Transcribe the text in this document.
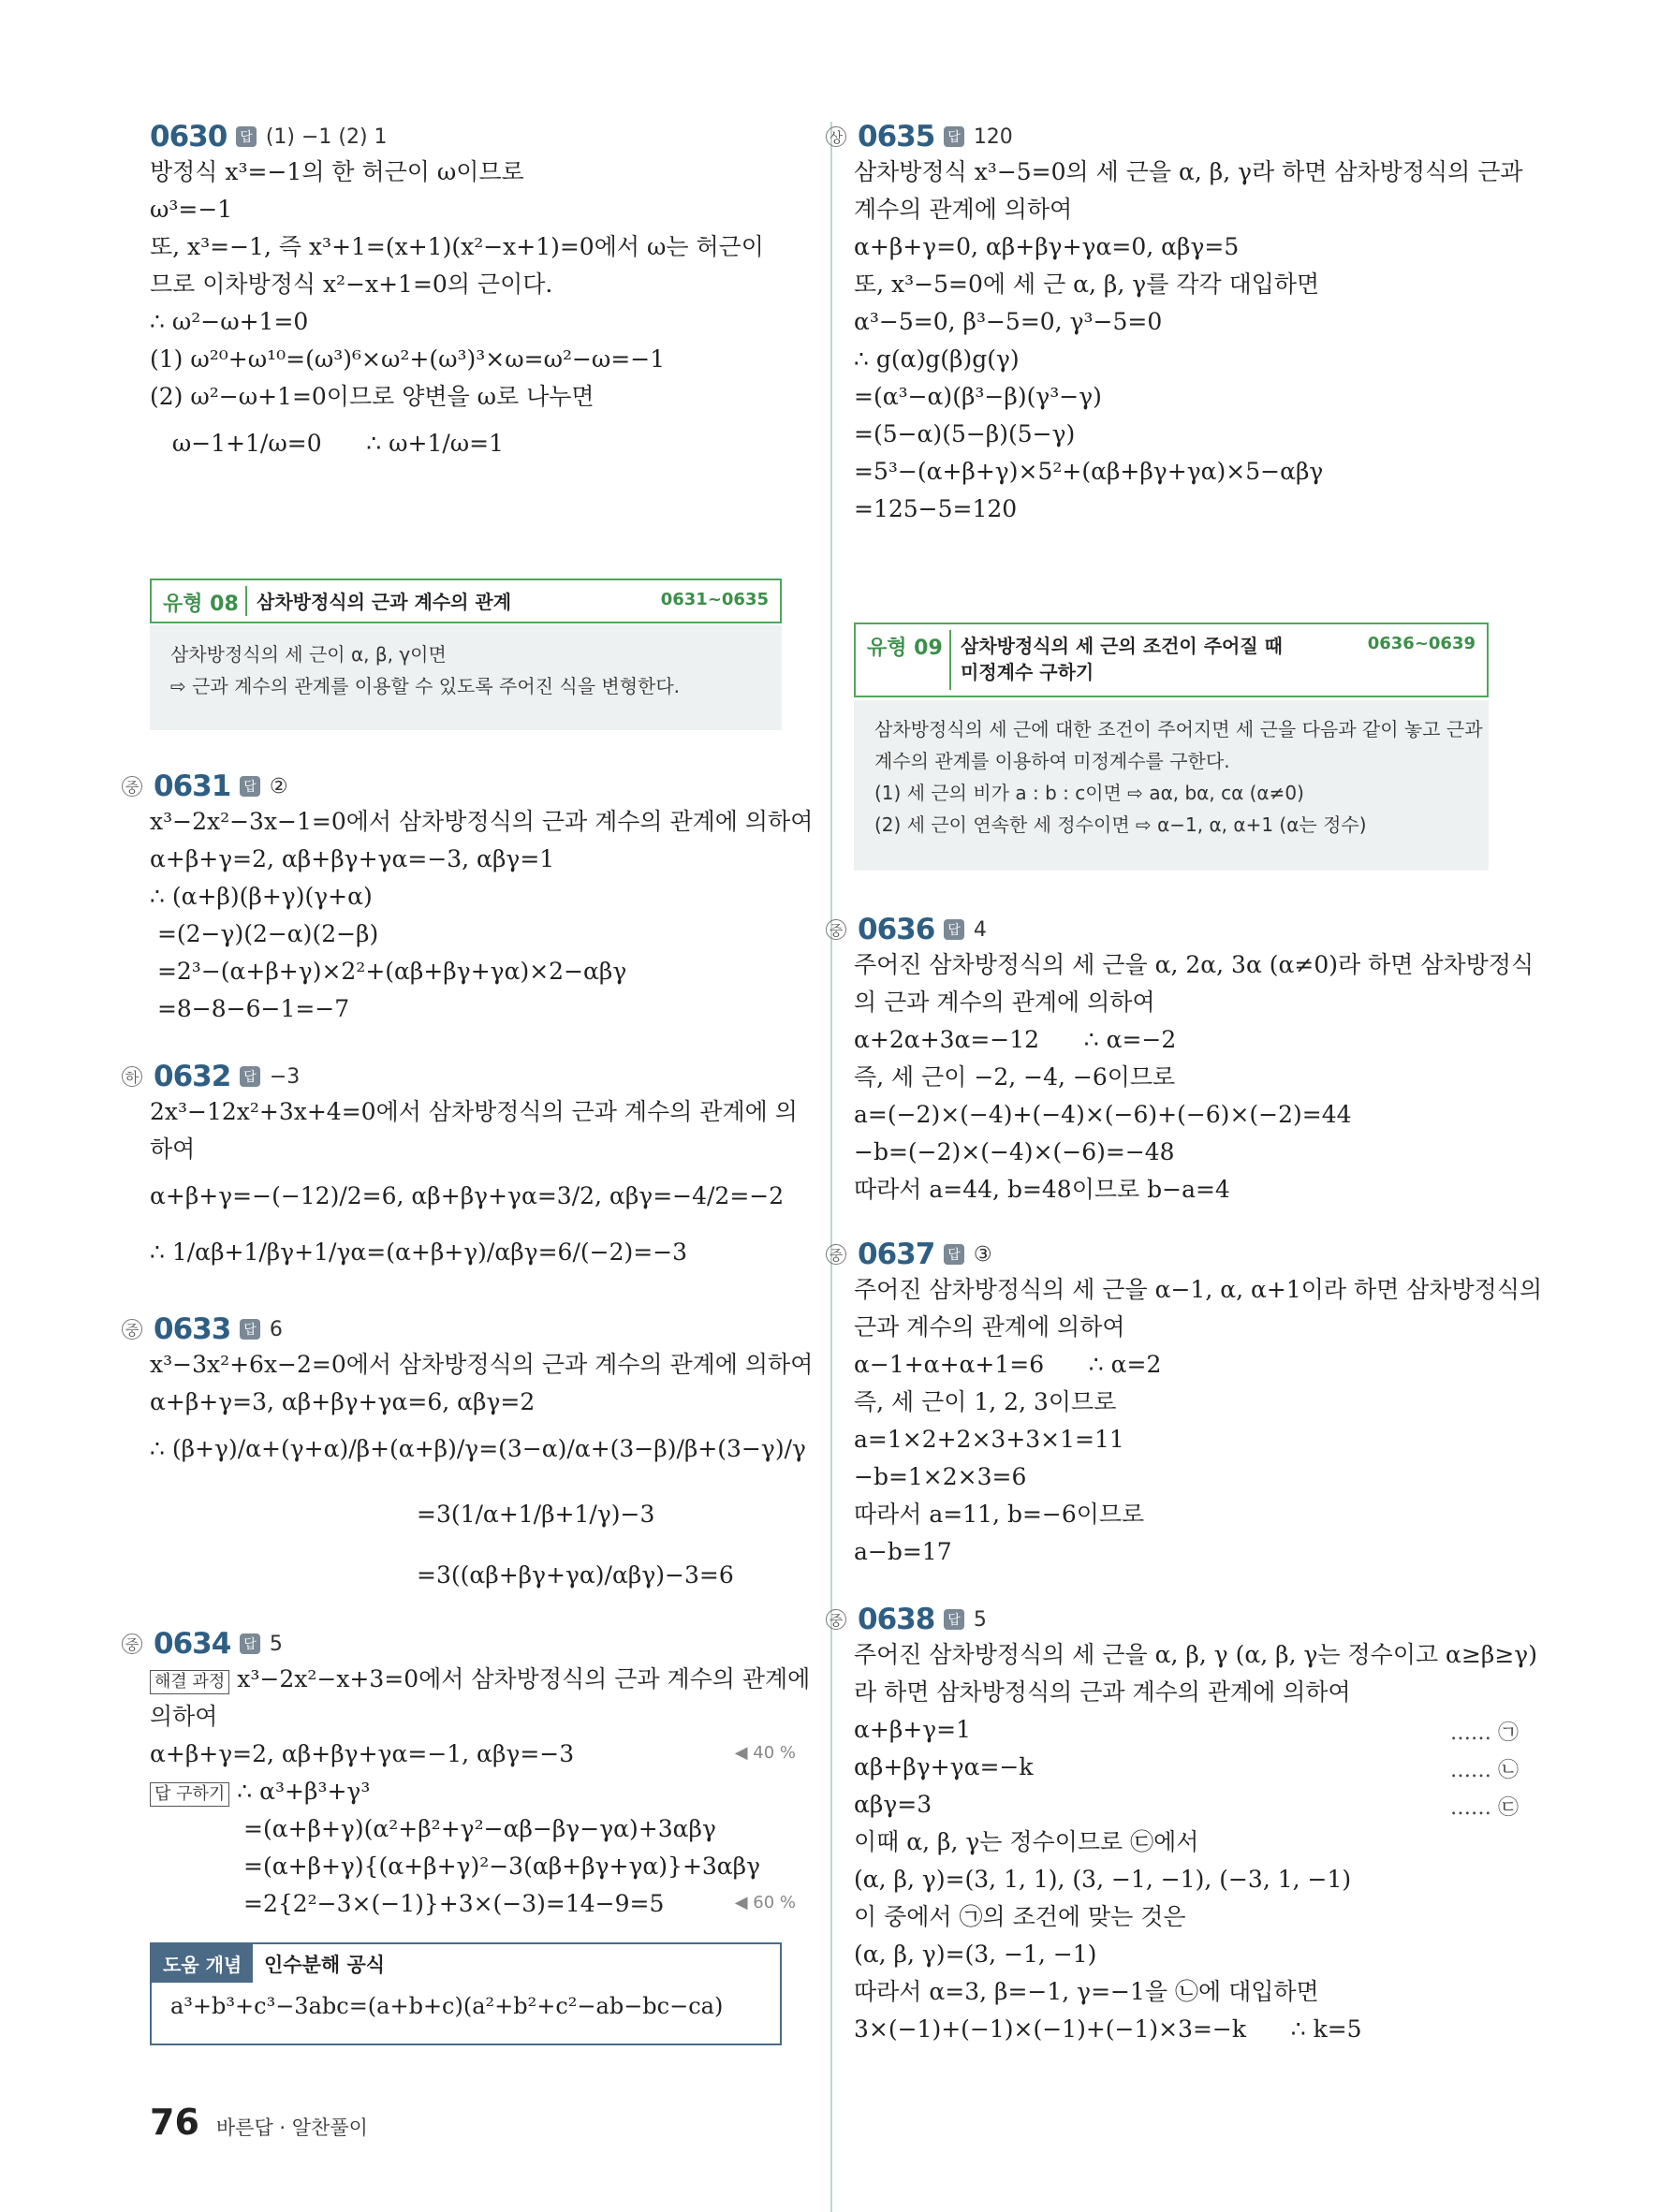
0630 답 (1) −1 (2) 1
방정식 x³=−1의 한 허근이 ω이므로
ω³=−1
또, x³=−1, 즉 x³+1=(x+1)(x²−x+1)=0에서 ω는 허근이
므로 이차방정식 x²−x+1=0의 근이다.
∴ ω²−ω+1=0
(1) ω²⁰+ω¹⁰=(ω³)⁶×ω²+(ω³)³×ω=ω²−ω=−1
(2) ω²−ω+1=0이므로 양변을 ω로 나누면
ω−1+1/ω=0      ∴ ω+1/ω=1
유형 08 삼차방정식의 근과 계수의 관계	0631~0635
삼차방정식의 세 근이 α, β, γ이면
⇨ 근과 계수의 관계를 이용할 수 있도록 주어진 식을 변형한다.
중 0631 답 ②
x³−2x²−3x−1=0에서 삼차방정식의 근과 계수의 관계에 의하여
α+β+γ=2, αβ+βγ+γα=−3, αβγ=1
∴ (α+β)(β+γ)(γ+α)
=(2−γ)(2−α)(2−β)
=2³−(α+β+γ)×2²+(αβ+βγ+γα)×2−αβγ
=8−8−6−1=−7
하 0632 답 −3
2x³−12x²+3x+4=0에서 삼차방정식의 근과 계수의 관계에 의
하여
α+β+γ=−(−12)/2=6, αβ+βγ+γα=3/2, αβγ=−4/2=−2
∴ 1/αβ+1/βγ+1/γα=(α+β+γ)/αβγ=6/(−2)=−3
중 0633 답 6
x³−3x²+6x−2=0에서 삼차방정식의 근과 계수의 관계에 의하여
α+β+γ=3, αβ+βγ+γα=6, αβγ=2
∴ (β+γ)/α+(γ+α)/β+(α+β)/γ=(3−α)/α+(3−β)/β+(3−γ)/γ
=3(1/α+1/β+1/γ)−3
=3((αβ+βγ+γα)/αβγ)−3=6
중 0634 답 5
해결 과정 x³−2x²−x+3=0에서 삼차방정식의 근과 계수의 관계에
의하여
α+β+γ=2, αβ+βγ+γα=−1, αβγ=−3	◀ 40 %
답 구하기 ∴ α³+β³+γ³
=(α+β+γ)(α²+β²+γ²−αβ−βγ−γα)+3αβγ
=(α+β+γ){(α+β+γ)²−3(αβ+βγ+γα)}+3αβγ
=2{2²−3×(−1)}+3×(−3)=14−9=5	◀ 60 %
도움 개념	인수분해 공식
a³+b³+c³−3abc=(a+b+c)(a²+b²+c²−ab−bc−ca)
상 0635 답 120
삼차방정식 x³−5=0의 세 근을 α, β, γ라 하면 삼차방정식의 근과
계수의 관계에 의하여
α+β+γ=0, αβ+βγ+γα=0, αβγ=5
또, x³−5=0에 세 근 α, β, γ를 각각 대입하면
α³−5=0, β³−5=0, γ³−5=0
∴ g(α)g(β)g(γ)
=(α³−α)(β³−β)(γ³−γ)
=(5−α)(5−β)(5−γ)
=5³−(α+β+γ)×5²+(αβ+βγ+γα)×5−αβγ
=125−5=120
유형 09 삼차방정식의 세 근의 조건이 주어질 때
미정계수 구하기
0636~0639
삼차방정식의 세 근에 대한 조건이 주어지면 세 근을 다음과 같이 놓고 근과
계수의 관계를 이용하여 미정계수를 구한다.
(1) 세 근의 비가 a : b : c이면 ⇨ aα, bα, cα (α≠0)
(2) 세 근이 연속한 세 정수이면 ⇨ α−1, α, α+1 (α는 정수)
중 0636 답 4
주어진 삼차방정식의 세 근을 α, 2α, 3α (α≠0)라 하면 삼차방정식
의 근과 계수의 관계에 의하여
α+2α+3α=−12      ∴ α=−2
즉, 세 근이 −2, −4, −6이므로
a=(−2)×(−4)+(−4)×(−6)+(−6)×(−2)=44
−b=(−2)×(−4)×(−6)=−48
따라서 a=44, b=48이므로 b−a=4
중 0637 답 ③
주어진 삼차방정식의 세 근을 α−1, α, α+1이라 하면 삼차방정식의
근과 계수의 관계에 의하여
α−1+α+α+1=6      ∴ α=2
즉, 세 근이 1, 2, 3이므로
a=1×2+2×3+3×1=11
−b=1×2×3=6
따라서 a=11, b=−6이므로
a−b=17
중 0638 답 5
주어진 삼차방정식의 세 근을 α, β, γ (α, β, γ는 정수이고 α≥β≥γ)
라 하면 삼차방정식의 근과 계수의 관계에 의하여
α+β+γ=1	…… ㉠
αβ+βγ+γα=−k	…… ㉡
αβγ=3	…… ㉢
이때 α, β, γ는 정수이므로 ㉢에서
(α, β, γ)=(3, 1, 1), (3, −1, −1), (−3, 1, −1)
이 중에서 ㉠의 조건에 맞는 것은
(α, β, γ)=(3, −1, −1)
따라서 α=3, β=−1, γ=−1을 ㉡에 대입하면
3×(−1)+(−1)×(−1)+(−1)×3=−k      ∴ k=5
76 바른답 · 알찬풀이
